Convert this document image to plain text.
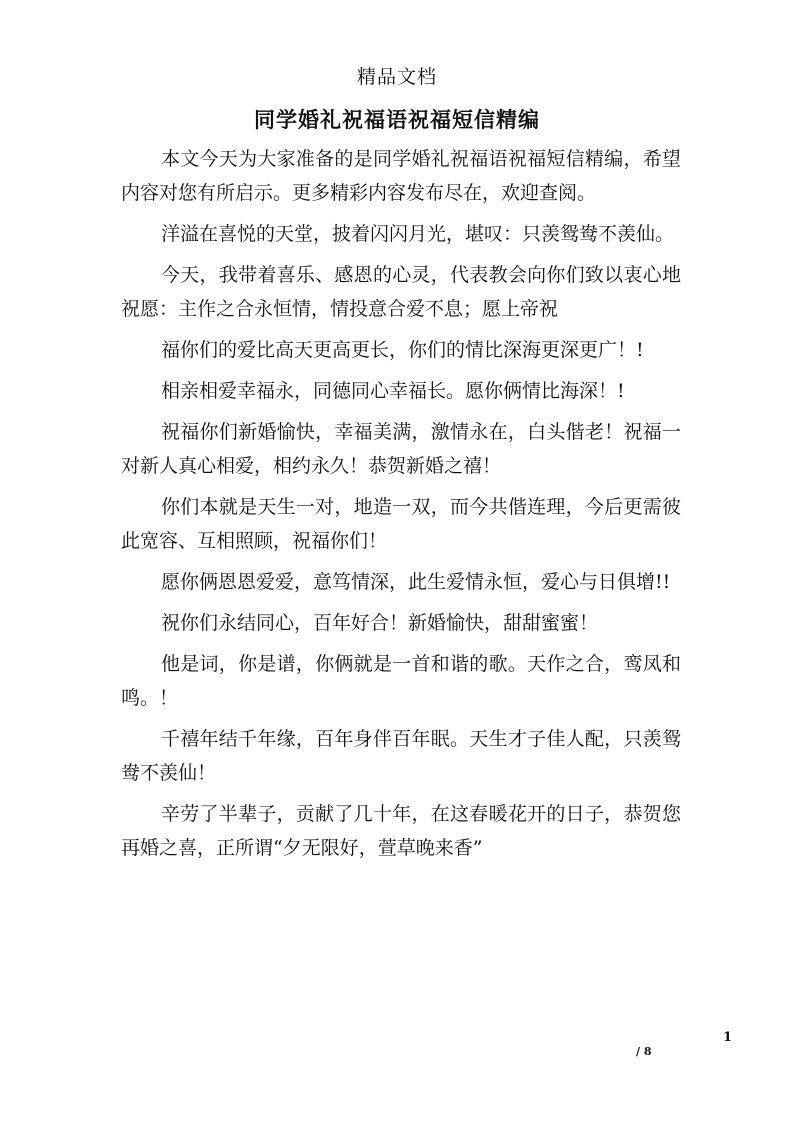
精品文档
同学婚礼祝福语祝福短信精编

本文今天为大家准备的是同学婚礼祝福语祝福短信精编，希望内容对您有所启示。更多精彩内容发布尽在，欢迎查阅。

洋溢在喜悦的天堂，披着闪闪月光，堪叹：只羡鸳鸯不羡仙。

今天，我带着喜乐、感恩的心灵，代表教会向你们致以衷心地祝愿：主作之合永恒情，情投意合爱不息；愿上帝祝

福你们的爱比高天更高更长，你们的情比深海更深更广！!

相亲相爱幸福永，同德同心幸福长。愿你俩情比海深！!

祝福你们新婚愉快，幸福美满，激情永在，白头偕老！祝福一对新人真心相爱，相约永久！恭贺新婚之禧！

你们本就是天生一对，地造一双，而今共偕连理，今后更需彼此宽容、互相照顾，祝福你们！

愿你俩恩恩爱爱，意笃情深，此生爱情永恒，爱心与日俱增!!

祝你们永结同心，百年好合！新婚愉快，甜甜蜜蜜！

他是词，你是谱，你俩就是一首和谐的歌。天作之合，鸾凤和鸣。！

千禧年结千年缘，百年身伴百年眠。天生才子佳人配，只羡鸳鸯不羡仙！

辛劳了半辈子，贡献了几十年，在这春暖花开的日子，恭贺您再婚之喜，正所谓“夕无限好，萱草晚来香”

1
/ 8
